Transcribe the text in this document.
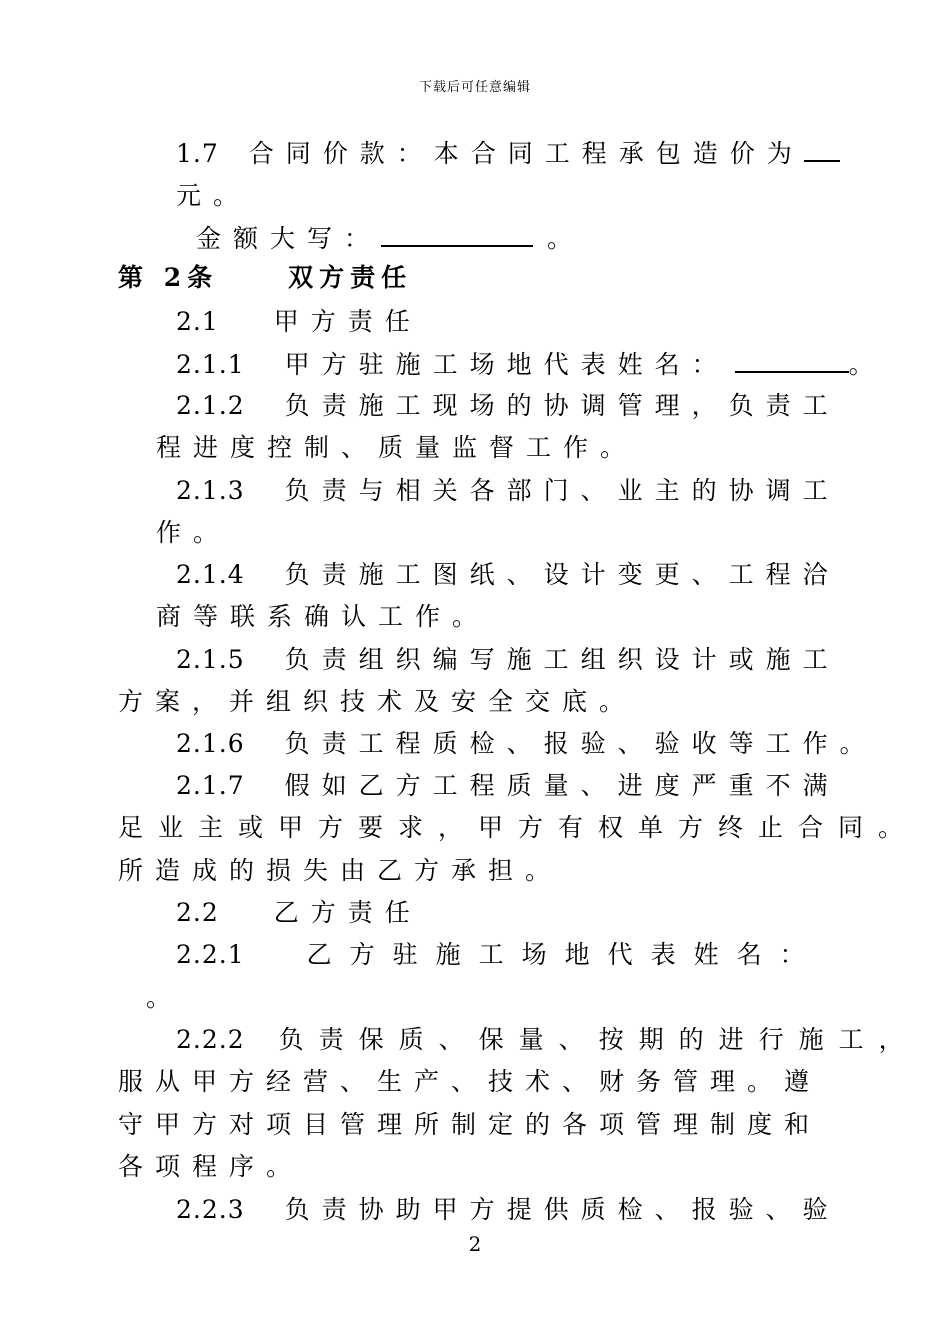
下载后可任意编辑
1.7 合同价款：本合同工程承包造价为
元。
金额大写：	。
第 2条	双方责任
2.1 甲方责任
2.1.1 甲方驻施工场地代表姓名：	。
2.1.2 负责施工现场的协调管理，负责工
程进度控制、质量监督工作。
2.1.3 负责与相关各部门、业主的协调工
作。
2.1.4 负责施工图纸、设计变更、工程洽
商等联系确认工作。
2.1.5 负责组织编写施工组织设计或施工
方案，并组织技术及安全交底。
2.1.6 负责工程质检、报验、验收等工作。
2.1.7 假如乙方工程质量、进度严重不满
足业主或甲方要求，甲方有权单方终止合同。
所造成的损失由乙方承担。
2.2 乙方责任
2.2.1 乙方驻施工场地代表姓名：
。
2.2.2 负责保质、保量、按期的进行施工，
服从甲方经营、生产、技术、财务管理。遵
守甲方对项目管理所制定的各项管理制度和
各项程序。
2.2.3 负责协助甲方提供质检、报验、验
2
